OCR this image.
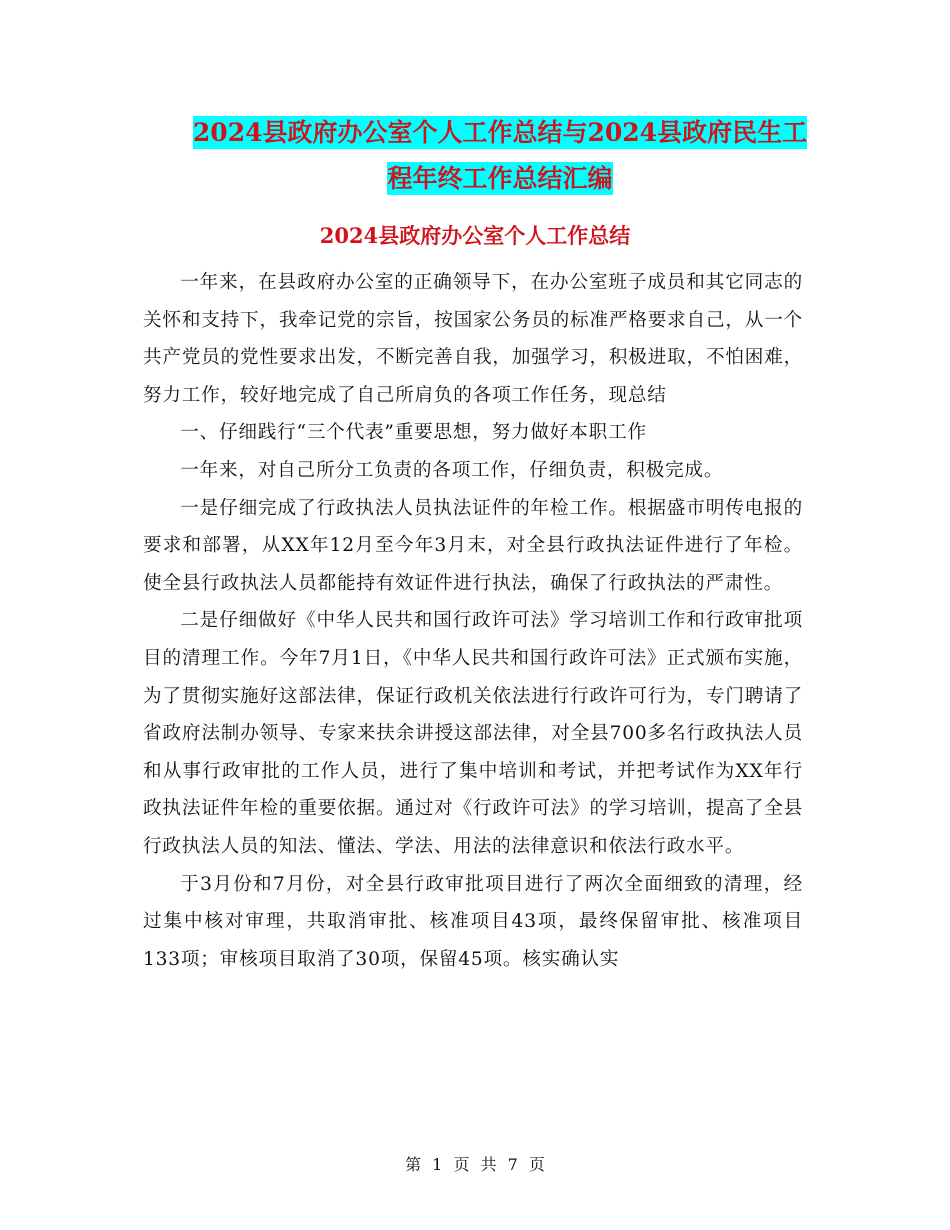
2024县政府办公室个人工作总结与2024县政府民生工
程年终工作总结汇编
2024县政府办公室个人工作总结

一年来，在县政府办公室的正确领导下，在办公室班子成员和其它同志的关怀和支持下，我牵记党的宗旨，按国家公务员的标准严格要求自己，从一个共产党员的党性要求出发，不断完善自我，加强学习，积极进取，不怕困难，努力工作，较好地完成了自己所肩负的各项工作任务，现总结

一、仔细践行“三个代表”重要思想，努力做好本职工作

一年来，对自己所分工负责的各项工作，仔细负责，积极完成。

一是仔细完成了行政执法人员执法证件的年检工作。根据盛市明传电报的要求和部署，从XX年12月至今年3月末，对全县行政执法证件进行了年检。使全县行政执法人员都能持有效证件进行执法，确保了行政执法的严肃性。

二是仔细做好《中华人民共和国行政许可法》学习培训工作和行政审批项目的清理工作。今年7月1日，《中华人民共和国行政许可法》正式颁布实施，为了贯彻实施好这部法律，保证行政机关依法进行行政许可行为，专门聘请了省政府法制办领导、专家来扶余讲授这部法律，对全县700多名行政执法人员和从事行政审批的工作人员，进行了集中培训和考试，并把考试作为XX年行政执法证件年检的重要依据。通过对《行政许可法》的学习培训，提高了全县行政执法人员的知法、懂法、学法、用法的法律意识和依法行政水平。

于3月份和7月份，对全县行政审批项目进行了两次全面细致的清理，经过集中核对审理，共取消审批、核准项目43项，最终保留审批、核准项目133项；审核项目取消了30项，保留45项。核实确认实

第 1 页 共 7 页
